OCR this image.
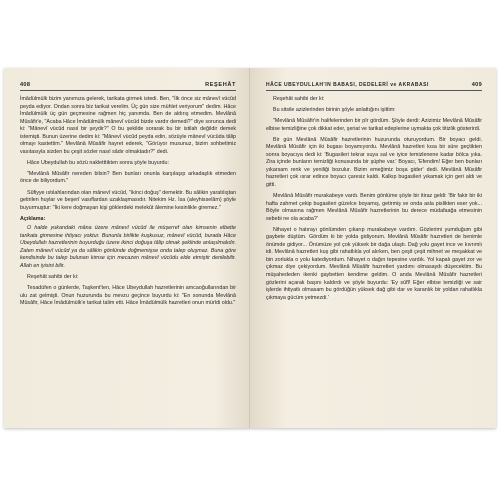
408	REŞEHÂT

İmâdülmülk bizim yanımıza gelerek, tarikata girmek istedi. Ben, "İlk önce siz mânevî vücûd peyda ediyor. Ondan sonra biz tarikat verelim. Üç gün size mühlet veriyorum" dedim. Hâce İmâdülmülk üç gün geçmesine rağmen hiç yanımda. Ben de aldırış etmedim. Mevlânâ Mûsâfir'e, "Acaba Hâce İmâdülmülk mânevî vücûd bizde vardır demedi?" diye sorunca dedi ki: "Mânevî vücûd nasıl bir şeydir?" O bu şekilde sorarak bu bir istilah değildir demek istemişti. Bunun üzerine dedim ki: "Mânevî vücûd peyda edin, sözüyle mânevî vücûda tâlip olmayı kastettim." Mevlânâ Mûsâfir hayret ederek, "Görüyor musunuz, bizim sohbetimiz vasıtasıyla sizden bu çeşit sözler nasıl sâdır olmaktadır?" dedi.

Hâce Ubeydullah bu sözü nakletttikten sonra şöyle buyurdu:

"Mevlânâ Mûsâfir nereden bilsin? Ben bunları onunla karşılaşıp arkadaşlık etmeden önce de biliyordum."

Sûfiyye ıstılahlarından olan mânevî vücûd, "ikinci doğuş" demektir. Bu sâlikin yaratılıştan getirilen huylar ve beşerî vasıflardan uzaklaşmasıdır. Nitekim Hz. İsa (aleyhisselâm) şöyle buyurmuştur: "İki kere doğmayan kişi göklerdeki melekût âlemine kesinlikle giremez."

Açıklama:

O halde yukarıdaki mâna üzere mânevî vücûd ile müşerref olan kimsenin elbette tarikata girmesine ihtiyacı yoktur. Bununla birlikte kuşkusuz, mânevî vücûd, burada Hâce Ubeydullah hazretlerinin buyurduğu üzere ikinci doğuşa tâlip olmak şeklinde anlaşılmalıdır. Zaten mânevî vücûd ya da sâlikin gönlünde doğmemişse onda talep oluşmaz. Buna göre kendisinde bu talep bulunan kimse için mecazen mânevî vücûdu elde etmiştir denilebilir. Allah en iyisini bilir.

Reşehât sahibi der ki:

Tesadüfen o günlerde, Taşkent'ten, Hâce Ubeydullah hazretlerinin amcaoğullarından bir ulu zat gelmişti. Onun huzurunda bu mevzu geçince buyurdu ki: "En sonunda Mevlânâ Mûsâfir, Hâce İmâdülmülk'e tarikat talim etti. Hâce İmâdülmülk hazretleri onun mürîdi oldu."

HÂCE UBEYDULLAH'IN BABASI, DEDELERİ ve AKRABASI	409

Reşehât sahibi der ki:

Bu sitsile azizlerinden birinin şöyle anlattığını işittim:

"Mevlânâ Mûsâfir'in halifelerinden bir pîr gördüm. Şöyle derdi: Azizimiz Mevlânâ Mûsâfir elbise temizliğine çok dikkat eder, şeriat ve tarikat edeplerine uymakta çok titizlik gösterirdi.

Bir gün Mevlânâ Mûsâfir hazretlerinin huzurunda oturuyordum. Bir boyacı geldi. Mevlânâ Mûsâfir için iki bugası boyamıyordu. Mevlânâ hazretleri kısa bir süre geçtikten sonra boyacıya dedi ki: 'Bugasileri tekrar suya sal ve iyice temizlenene kadar bölca yıka. Zira içinde bunların temizliği konusunda bir şüphe var.' Boyacı, 'Efendim! Eğer ben bunları yıkarsam renk ve yeniliği bozulur. Bizim emeğimiz boşa gider' dedi. Mevlânâ Mûsâfir hazretleri çok ısrar edince boyacı çaresiz kaldı. Kalkıp bugasileri yıkamak için geri aldı ve gitti.

Mevlânâ Mûsâfir murakabeye vardı. Benim gönlüme şöyle bir itiraz geldi: 'Bir fakir bir iki hafta zahmet çekip bugasileri güzelce boyamış, getirmiş ve onda asla pislikten eser yok... Böyle olmasına rağmen Mevlânâ Mûsâfir hazretlerinin bu derece müdafaağa etmesinin sebebi ne ola acaba?'

Nihayet o hatırayı gönlümden çıkarıp murakabeye vardım. Gözlerimi yumduğum gibi gaybete düştüm. Gördüm ki bir yolda gidiyorum. Mevlânâ Mûsâfir hazretleri de benimle önümde gidiyor... Önümüze yol çok yüksek bir dağa ulaştı. Dağ yolu gayet ince ve kıvrımlı idi. Mevlânâ hazretleri kuş gibi rahatlıkla yol alırken, ben çeşit çeşit mihnet ve meşakkat ve bin zorlukla o yolu katediyordum. Nihayet o dağın tepesine vardık. Yol kapalı gayet zor ve çıkmaz diye çekiyordum. Mevlânâ Mûsâfir hazretleri yardımı olmasaydı düşecektim. Bu müşahededen ikenki gaybetten kendime geldim. O anda Mevlânâ Mûsâfir hazretleri gözlerini açarak başını kaldırdı ve şöyle buyurdu: 'Ey sûfî! Eğer elbise temizliği ve sair işlerde ihtiyatlı olmasam bu gördüğün yüksek dağ gibi dar ve karanlık bir yoldan rahatlıkla çıkmaya gücüm yetmezdi.'
